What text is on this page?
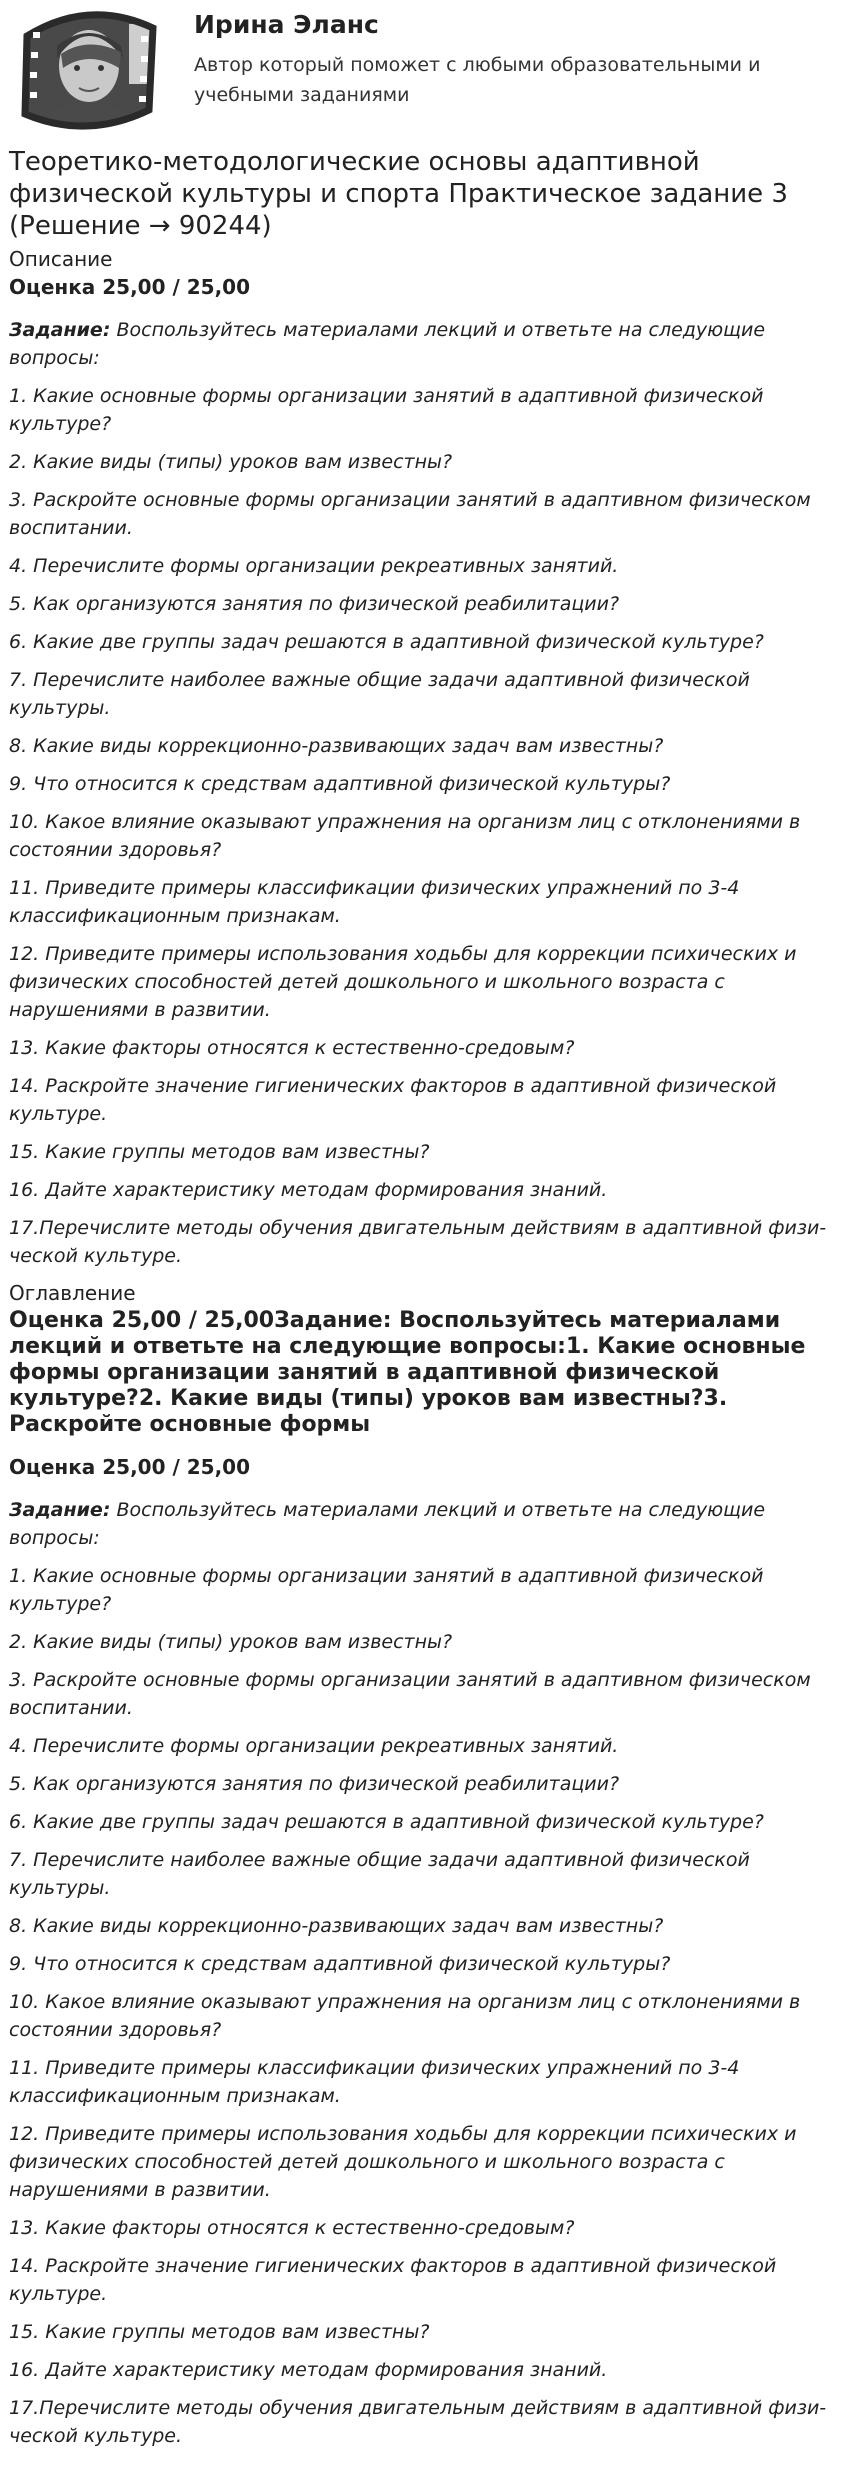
Ирина Эланс
Автор который поможет с любыми образовательными и учебными заданиями
Теоретико-методологические основы адаптивной физической культуры и спорта Практическое задание 3 (Решение → 90244)

Описание

Оценка 25,00 / 25,00

Задание: Воспользуйтесь материалами лекций и ответьте на следующие вопросы:

1. Какие основные формы организации занятий в адаптивной физической культуре?

2. Какие виды (типы) уроков вам известны?

3. Раскройте основные формы организации занятий в адаптивном физическом воспитании.

4. Перечислите формы организации рекреативных занятий.

5. Как организуются занятия по физической реабилитации?

6. Какие две группы задач решаются в адаптивной физической культуре?

7. Перечислите наиболее важные общие задачи адаптивной физической культуры.

8. Какие виды коррекционно-развивающих задач вам известны?

9. Что относится к средствам адаптивной физической культуры?

10. Какое влияние оказывают упражнения на организм лиц с отклонениями в состоянии здоровья?

11. Приведите примеры классификации физических упражнений по 3-4 классификационным признакам.

12. Приведите примеры использования ходьбы для коррекции психических и физических способностей детей дошкольного и школьного возраста с нарушениями в развитии.

13. Какие факторы относятся к естественно-средовым?

14. Раскройте значение гигиенических факторов в адаптивной физической культуре.

15. Какие группы методов вам известны?

16. Дайте характеристику методам формирования знаний.

17.Перечислите методы обучения двигательным действиям в адаптивной физи-ческой культуре.

Оглавление

Оценка 25,00 / 25,00Задание: Воспользуйтесь материалами лекций и ответьте на следующие вопросы:1. Какие основные формы организации занятий в адаптивной физической культуре?2. Какие виды (типы) уроков вам известны?3. Раскройте основные формы

Оценка 25,00 / 25,00

Задание: Воспользуйтесь материалами лекций и ответьте на следующие вопросы:

1. Какие основные формы организации занятий в адаптивной физической культуре?

2. Какие виды (типы) уроков вам известны?

3. Раскройте основные формы организации занятий в адаптивном физическом воспитании.

4. Перечислите формы организации рекреативных занятий.

5. Как организуются занятия по физической реабилитации?

6. Какие две группы задач решаются в адаптивной физической культуре?

7. Перечислите наиболее важные общие задачи адаптивной физической культуры.

8. Какие виды коррекционно-развивающих задач вам известны?

9. Что относится к средствам адаптивной физической культуры?

10. Какое влияние оказывают упражнения на организм лиц с отклонениями в состоянии здоровья?

11. Приведите примеры классификации физических упражнений по 3-4 классификационным признакам.

12. Приведите примеры использования ходьбы для коррекции психических и физических способностей детей дошкольного и школьного возраста с нарушениями в развитии.

13. Какие факторы относятся к естественно-средовым?

14. Раскройте значение гигиенических факторов в адаптивной физической культуре.

15. Какие группы методов вам известны?

16. Дайте характеристику методам формирования знаний.

17.Перечислите методы обучения двигательным действиям в адаптивной физи-ческой культуре.
